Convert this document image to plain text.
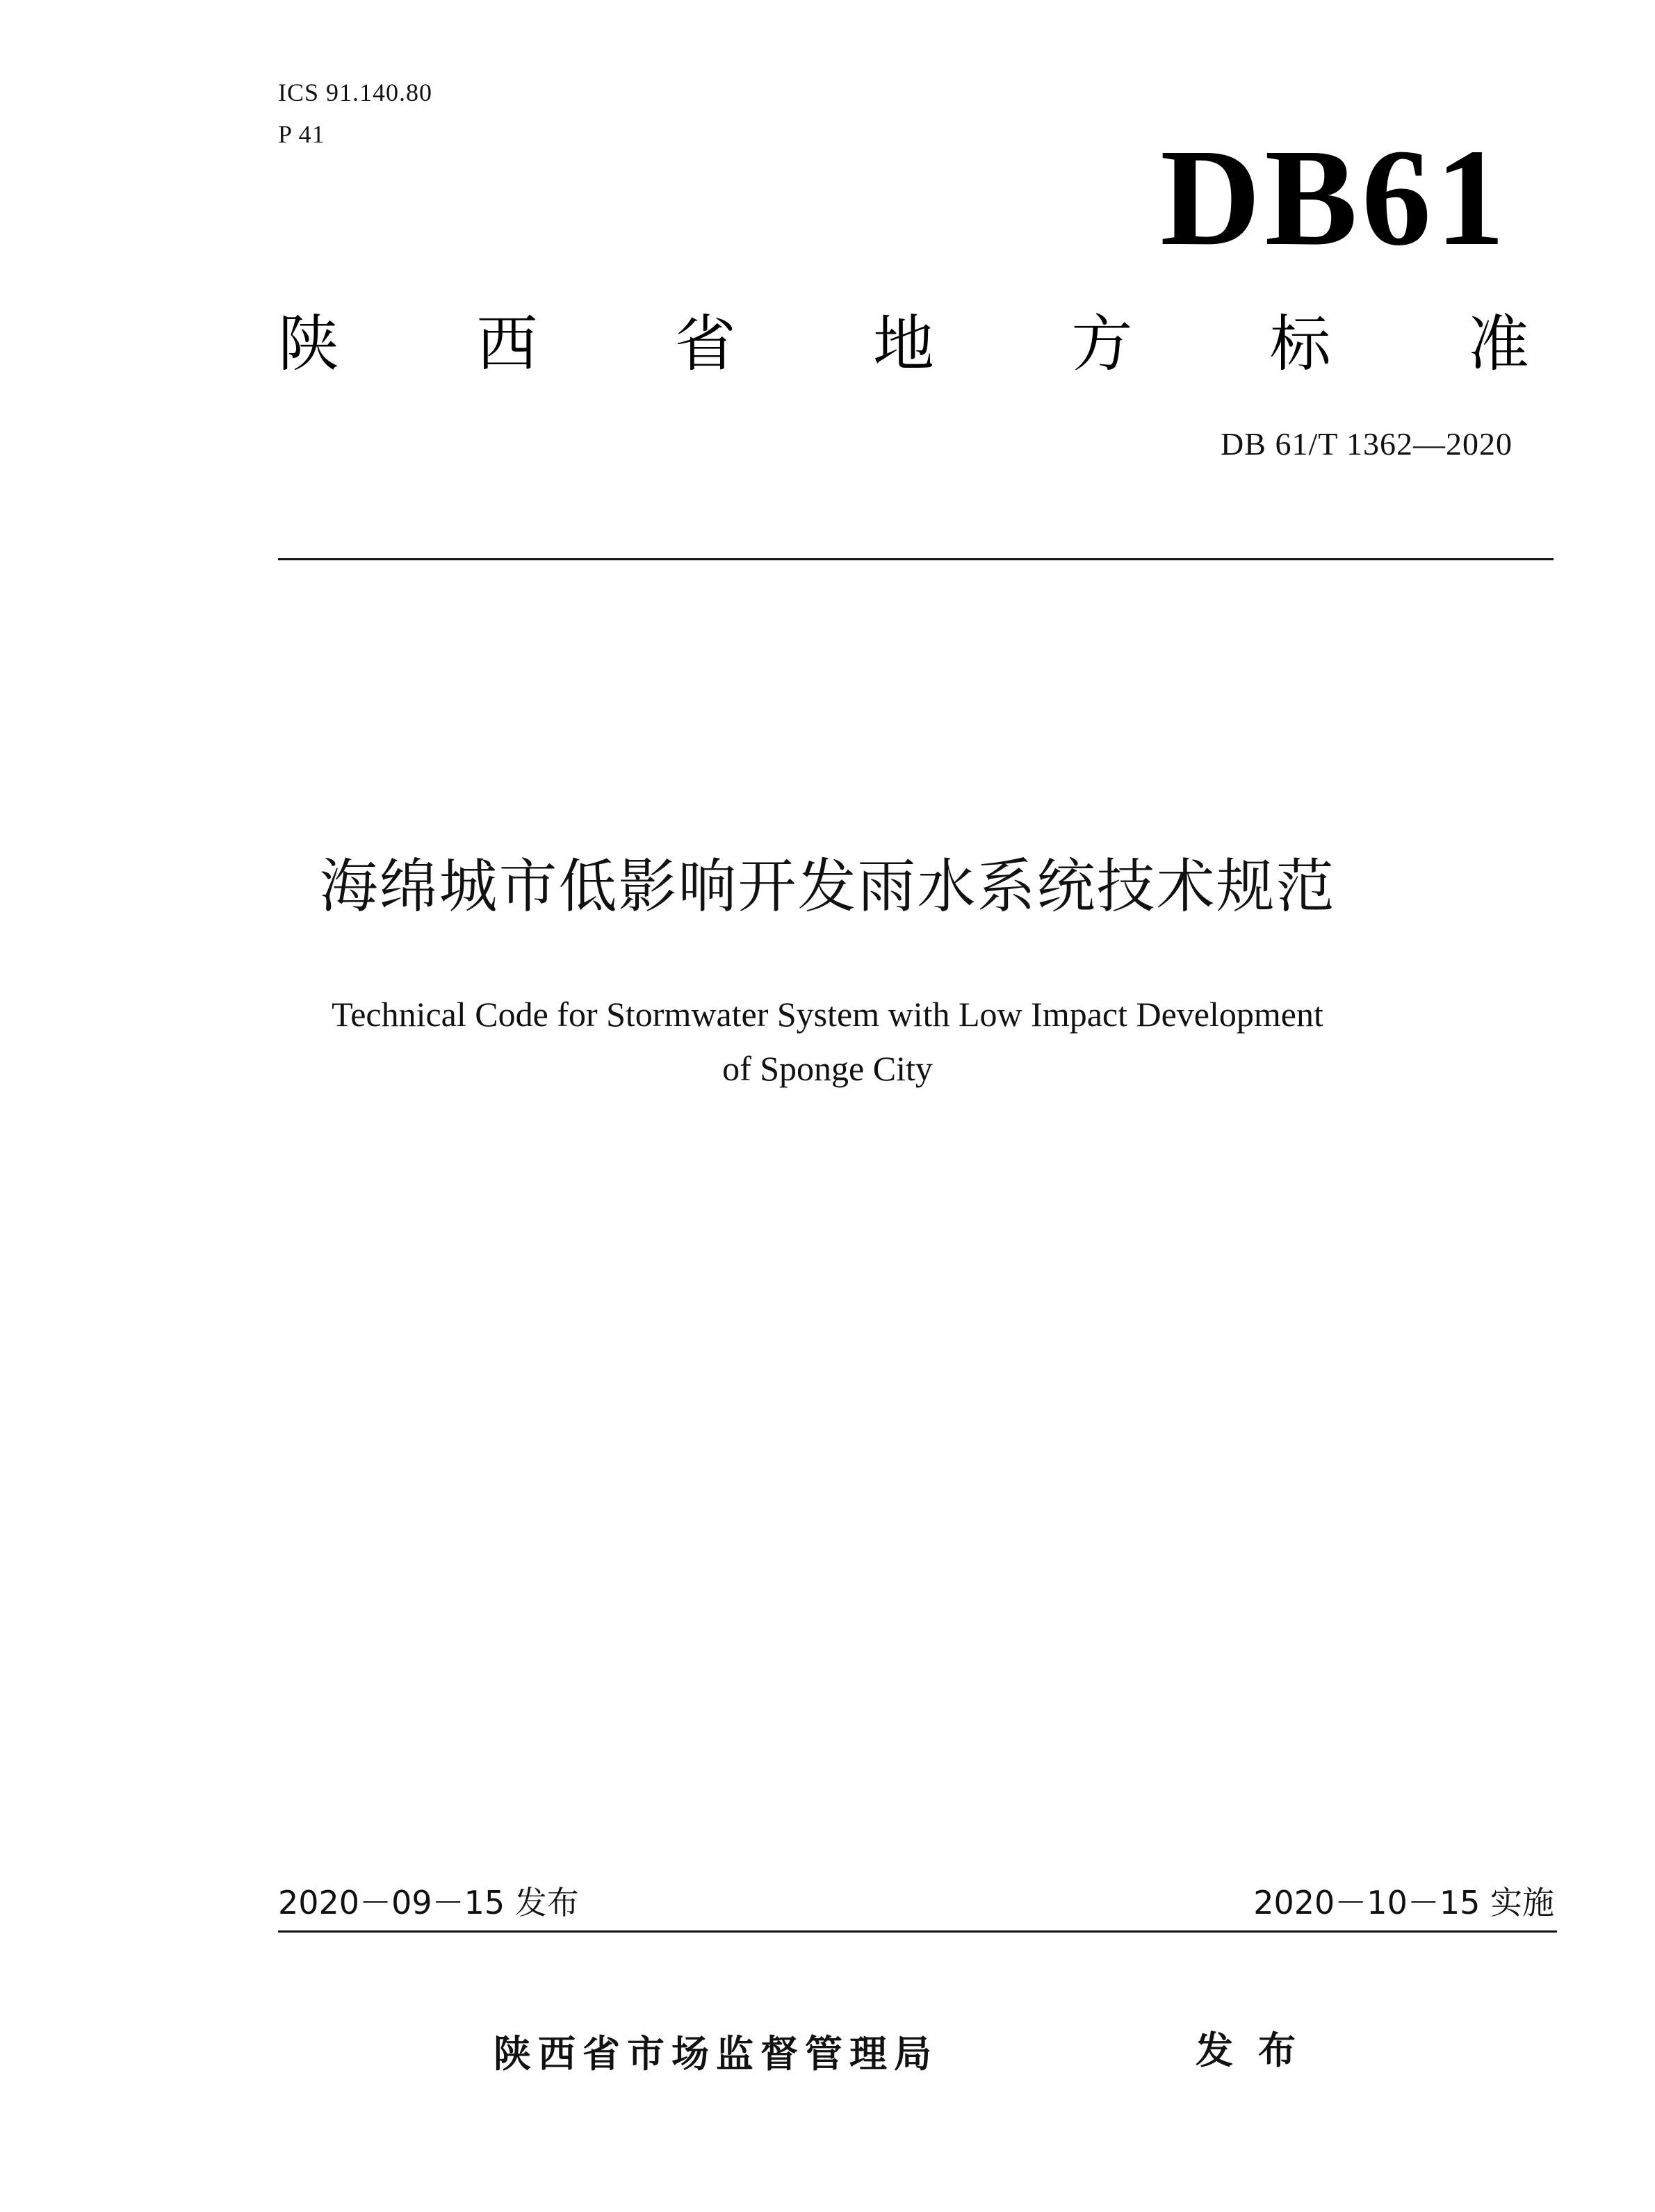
ICS 91.140.80
P 41	DB61
陕 西 省 地 方 标 准
DB 61/T 1362—2020
海绵城市低影响开发雨水系统技术规范
Technical Code for Stormwater System with Low Impact Development
of Sponge City
2020－09－15 发布	2020－10－15 实施
陕西省市场监督管理局	发布
